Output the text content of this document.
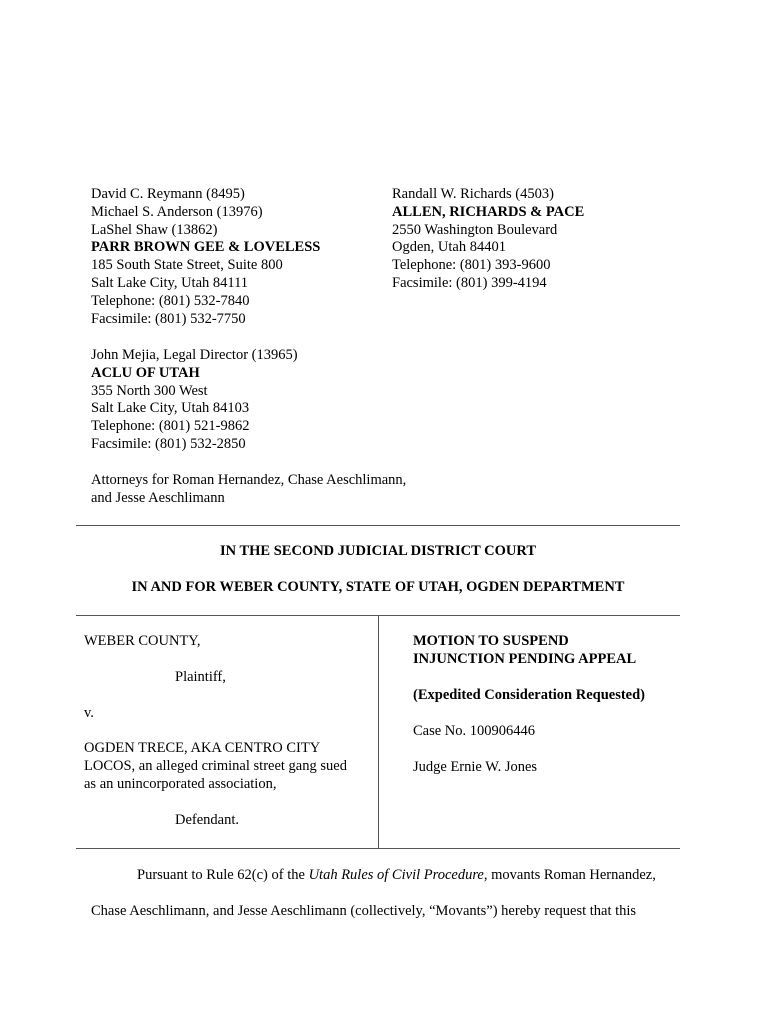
David C. Reymann (8495)
Michael S. Anderson (13976)
LaShel Shaw (13862)
PARR BROWN GEE & LOVELESS
185 South State Street, Suite 800
Salt Lake City, Utah 84111
Telephone: (801) 532-7840
Facsimile: (801) 532-7750
Randall W. Richards (4503)
ALLEN, RICHARDS & PACE
2550 Washington Boulevard
Ogden, Utah 84401
Telephone: (801) 393-9600
Facsimile: (801) 399-4194
John Mejia, Legal Director (13965)
ACLU OF UTAH
355 North 300 West
Salt Lake City, Utah 84103
Telephone: (801) 521-9862
Facsimile: (801) 532-2850
Attorneys for Roman Hernandez, Chase Aeschlimann,
and Jesse Aeschlimann
IN THE SECOND JUDICIAL DISTRICT COURT
IN AND FOR WEBER COUNTY, STATE OF UTAH, OGDEN DEPARTMENT
WEBER COUNTY,
Plaintiff,
v.
OGDEN TRECE, AKA CENTRO CITY
LOCOS, an alleged criminal street gang sued
as an unincorporated association,
Defendant.
MOTION TO SUSPEND
INJUNCTION PENDING APPEAL
(Expedited Consideration Requested)
Case No. 100906446
Judge Ernie W. Jones
Pursuant to Rule 62(c) of the Utah Rules of Civil Procedure, movants Roman Hernandez,
Chase Aeschlimann, and Jesse Aeschlimann (collectively, “Movants”) hereby request that this
